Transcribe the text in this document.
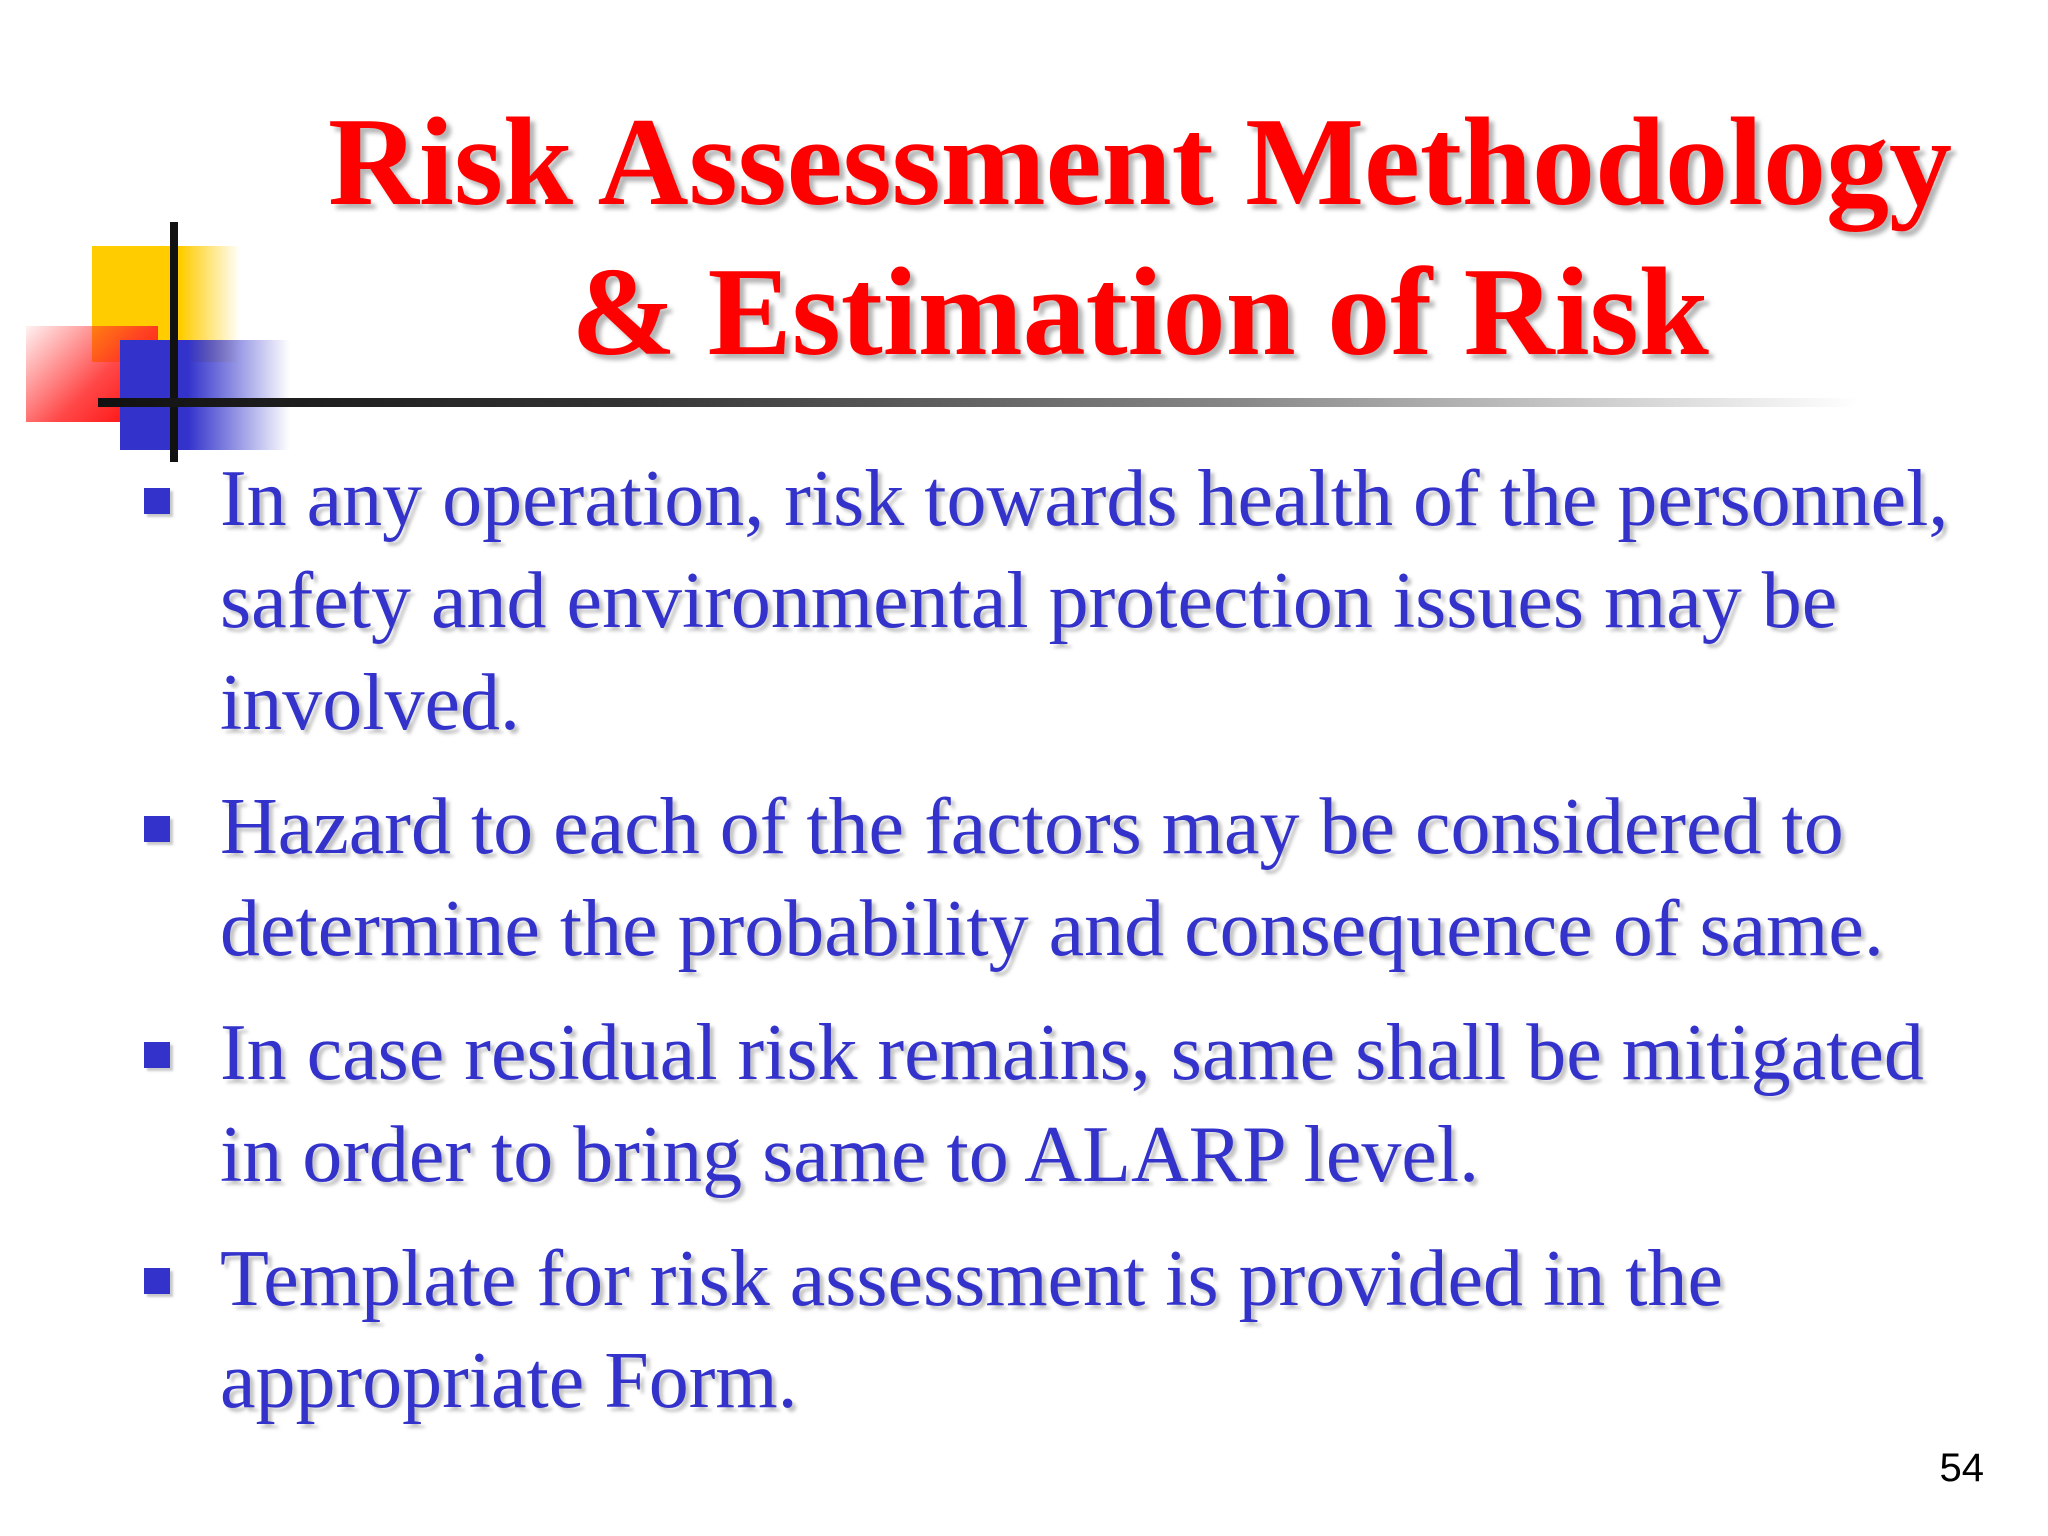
Risk Assessment Methodology
& Estimation of Risk
In any operation, risk towards health of the personnel, safety and environmental protection issues may be involved.
Hazard to each of the factors may be considered to determine the probability and consequence of same.
In case residual risk remains, same shall be mitigated in order to bring same to ALARP level.
Template for risk assessment is provided in the appropriate Form.
54
